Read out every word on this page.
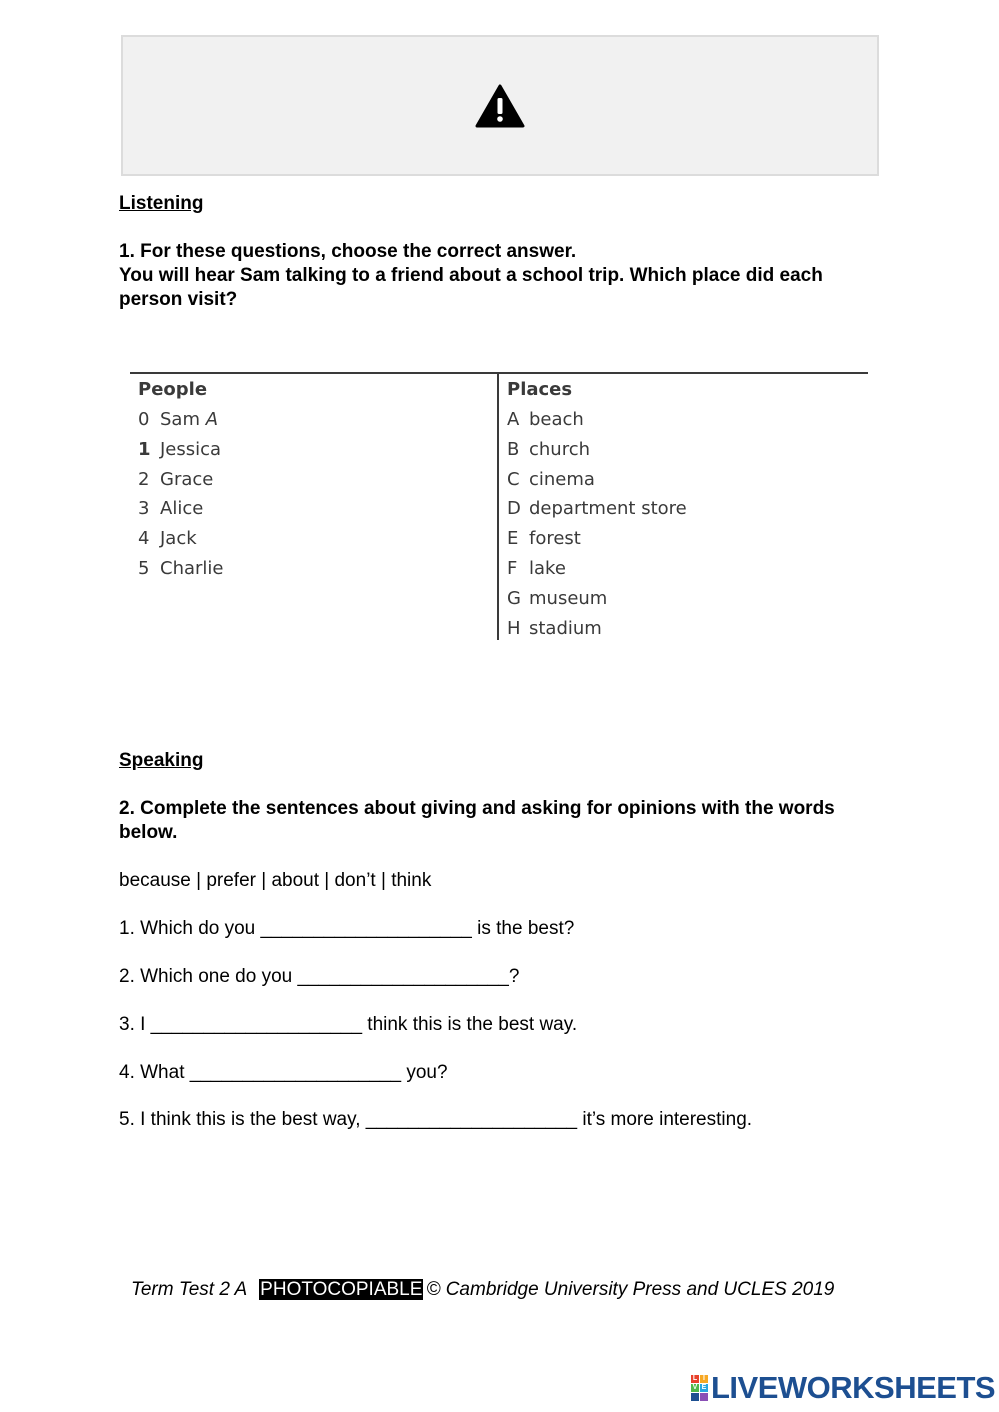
Listening

1. For these questions, choose the correct answer.

You will hear Sam talking to a friend about a school trip. Which place did each person visit?

People
0 Sam A
1 Jessica
2 Grace
3 Alice
4 Jack
5 Charlie
Places
A beach
B church
C cinema
D department store
E forest
F lake
G museum
H stadium
Speaking

2. Complete the sentences about giving and asking for opinions with the words below.

because | prefer | about | don’t | think

1. Which do you ____________________ is the best?

2. Which one do you ____________________?

3. I ____________________ think this is the best way.

4. What ____________________ you?

5. I think this is the best way, ____________________ it’s more interesting.

Term Test 2 A PHOTOCOPIABLE © Cambridge University Press and UCLES 2019
L I
V E LIVEWORKSHEETS
